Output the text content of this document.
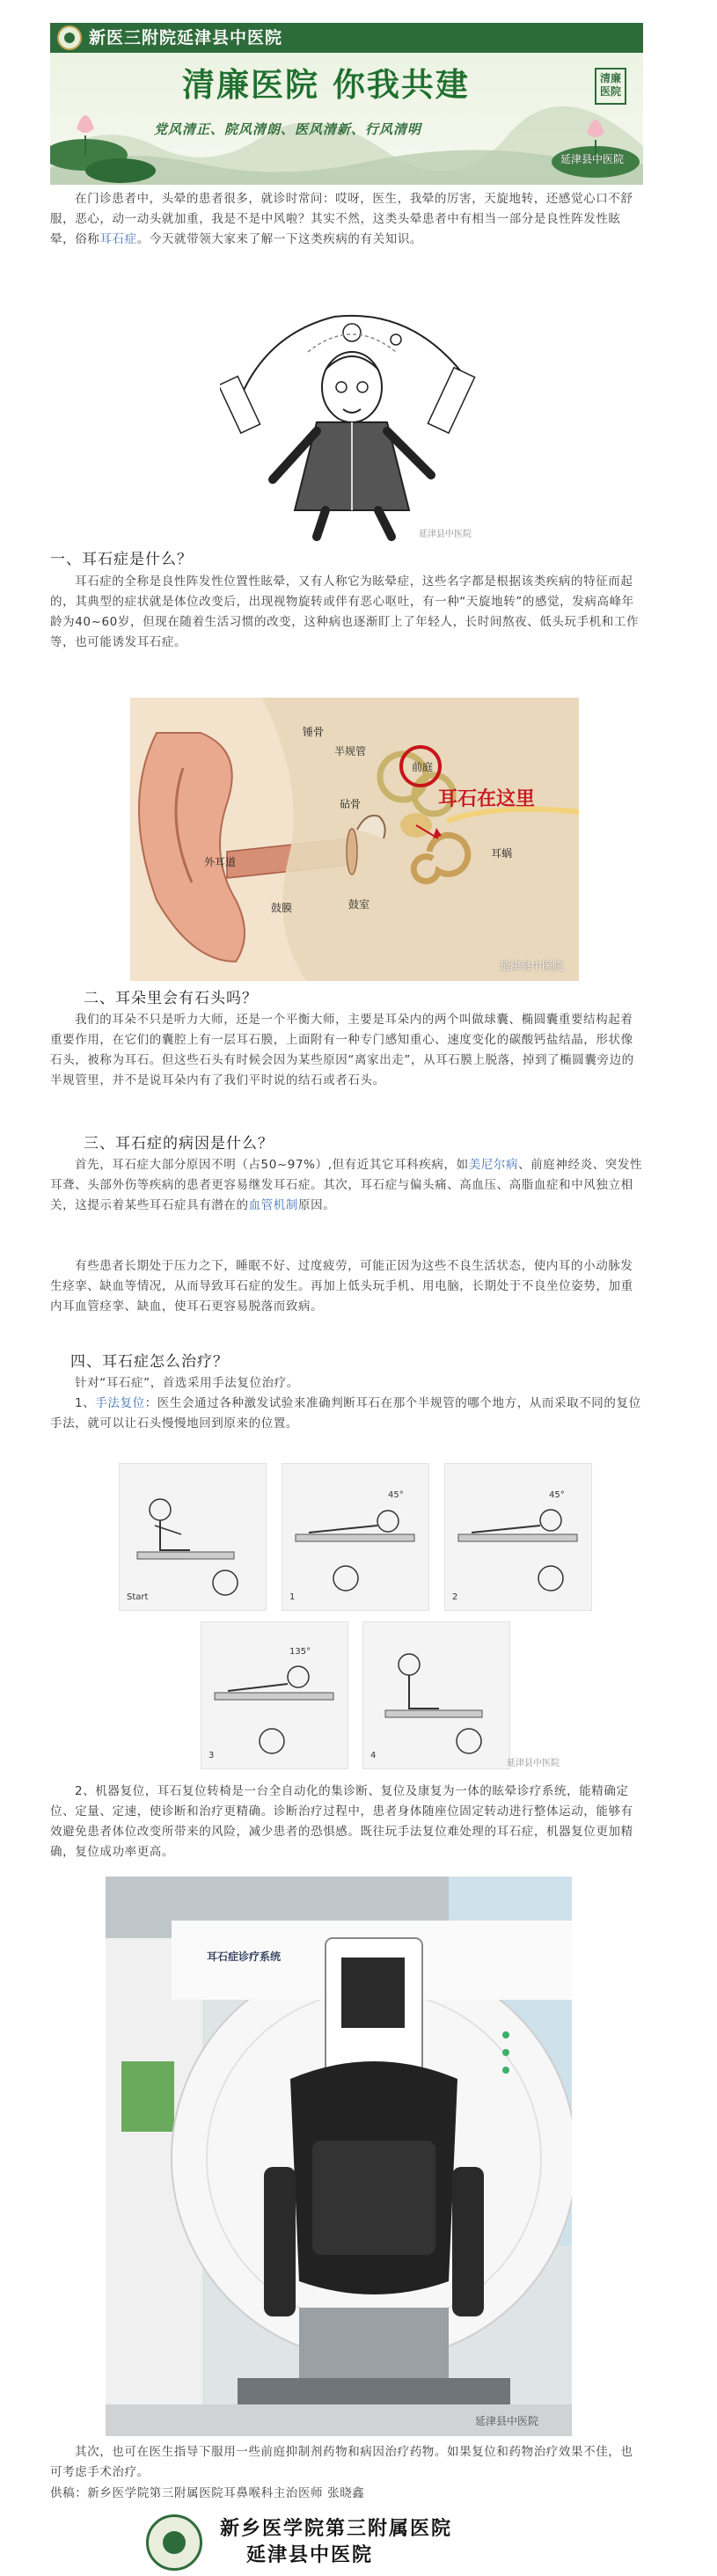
新医三附院延津县中医院
清廉医院 你我共建	清廉医院
党风清正、院风清朗、医风清新、行风清明
延津县中医院
在门诊患者中，头晕的患者很多，就诊时常问：哎呀，医生，我晕的厉害，天旋地转，还感觉心口不舒服，恶心，动一动头就加重，我是不是中风啦？其实不然，这类头晕患者中有相当一部分是良性阵发性眩晕，俗称耳石症。今天就带领大家来了解一下这类疾病的有关知识。
延津县中医院
一、耳石症是什么？
耳石症的全称是良性阵发性位置性眩晕，又有人称它为眩晕症，这些名字都是根据该类疾病的特征而起的，其典型的症状就是体位改变后，出现视物旋转或伴有恶心呕吐，有一种“天旋地转”的感觉，发病高峰年龄为40~60岁，但现在随着生活习惯的改变，这种病也逐渐盯上了年轻人，长时间熬夜、低头玩手机和工作等，也可能诱发耳石症。
锤骨
半规管
前庭
砧骨
耳蜗
外耳道
鼓膜	鼓室
耳石在这里
延津县中医院
二、耳朵里会有石头吗？
我们的耳朵不只是听力大师，还是一个平衡大师，主要是耳朵内的两个叫做球囊、椭圆囊重要结构起着重要作用，在它们的囊腔上有一层耳石膜，上面附有一种专门感知重心、速度变化的碳酸钙盐结晶，形状像石头，被称为耳石。但这些石头有时候会因为某些原因“离家出走”，从耳石膜上脱落，掉到了椭圆囊旁边的半规管里，并不是说耳朵内有了我们平时说的结石或者石头。
三、耳石症的病因是什么？
首先，耳石症大部分原因不明（占50~97%）,但有近其它耳科疾病，如美尼尔病、前庭神经炎、突发性耳聋、头部外伤等疾病的患者更容易继发耳石症。其次，耳石症与偏头痛、高血压、高脂血症和中风独立相关，这提示着某些耳石症具有潜在的血管机制原因。
有些患者长期处于压力之下，睡眠不好、过度疲劳，可能正因为这些不良生活状态，使内耳的小动脉发生痉挛、缺血等情况，从而导致耳石症的发生。再加上低头玩手机、用电脑，长期处于不良坐位姿势，加重内耳血管痉挛、缺血，使耳石更容易脱落而致病。
四、耳石症怎么治疗？
针对“耳石症”，首选采用手法复位治疗。
1、手法复位：医生会通过各种激发试验来准确判断耳石在那个半规管的哪个地方，从而采取不同的复位手法，就可以让石头慢慢地回到原来的位置。
Start
45°
1
45°
2
135°
3	4
延津县中医院
2、机器复位，耳石复位转椅是一台全自动化的集诊断、复位及康复为一体的眩晕诊疗系统，能精确定位、定量、定速，使诊断和治疗更精确。诊断治疗过程中，患者身体随座位固定转动进行整体运动，能够有效避免患者体位改变所带来的风险，减少患者的恐惧感。既往玩手法复位难处理的耳石症，机器复位更加精确，复位成功率更高。
耳石症诊疗系统
延津县中医院
其次，也可在医生指导下服用一些前庭抑制剂药物和病因治疗药物。如果复位和药物治疗效果不佳，也可考虑手术治疗。
供稿：新乡医学院第三附属医院耳鼻喉科主治医师 张晓鑫
新乡医学院第三附属医院
延津县中医院
